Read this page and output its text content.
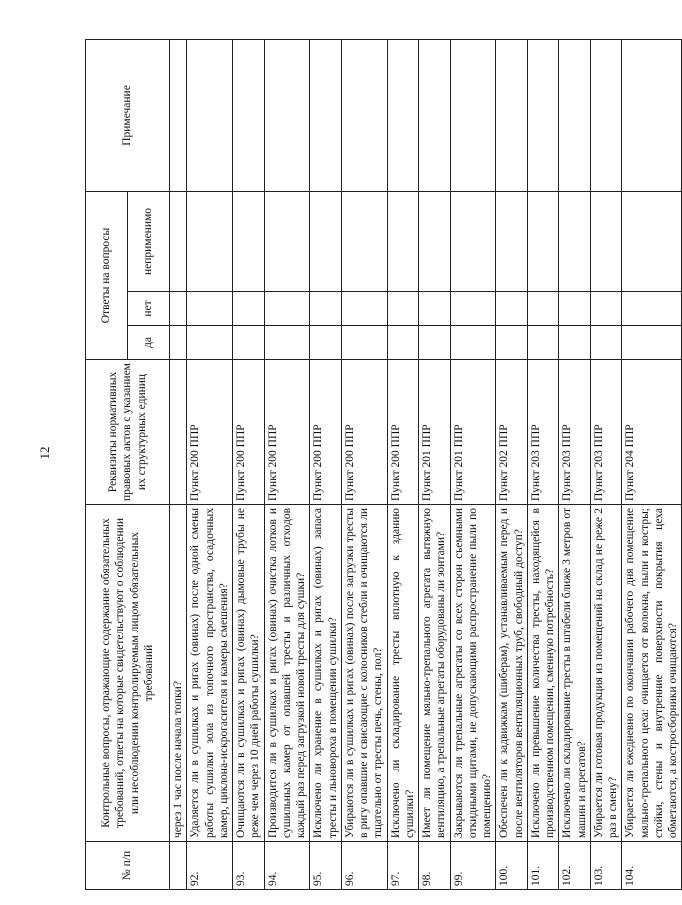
12
№ п/п	Контрольные вопросы, отражающие содержание обязательных требований, ответы на которые свидетельствуют о соблюдении или несоблюдении контролируемым лицом обязательных требований	Реквизиты нормативных правовых актов с указанием их структурных единиц	Ответы на вопросы			Примечание
			да	нет	неприменимо	
	через 1 час после начала топки?					
92.	Удаляется ли в сушилках и ригах (овинах) после одной смены работы сушилки зола из топочного пространства, осадочных камер, циклона-искрогасителя и камеры смешения?	Пункт 200 ППР				
93.	Очищаются ли в сушилках и ригах (овинах) дымовые трубы не реже чем через 10 дней работы сушилки?	Пункт 200 ППР				
94.	Производится ли в сушилках и ригах (овинах) очистка лотков и сушильных камер от опавшей тресты и различных отходов каждый раз перед загрузкой новой тресты для сушки?	Пункт 200 ППР				
95.	Исключено ли хранение в сушилках и ригах (овинах) запаса тресты и льновороха в помещении сушилки?	Пункт 200 ППР				
96.	Убираются ли в сушилках и ригах (овинах) после загрузки тресты в ригу опавшие и свисающие с колосников стебли и очищаются ли тщательно от тресты печь, стены, пол?	Пункт 200 ППР				
97.	Исключено ли складирование тресты вплотную к зданию сушилки?	Пункт 200 ППР				
98.	Имеет ли помещение мяльно-трепального агрегата вытяжную вентиляцию, а трепальные агрегаты оборудованы ли зонтами?	Пункт 201 ППР				
99.	Закрываются ли трепальные агрегаты со всех сторон съемными откидными щитами, не допускающими распространение пыли по помещению?	Пункт 201 ППР				
100.	Обеспечен ли к задвижкам (шиберам), устанавливаемым перед и после вентиляторов вентиляционных труб, свободный доступ?	Пункт 202 ППР				
101.	Исключено ли превышение количества тресты, находящейся в производственном помещении, сменную потребность?	Пункт 203 ППР				
102.	Исключено ли складирование тресты в штабели ближе 3 метров от машин и агрегатов?	Пункт 203 ППР				
103.	Убирается ли готовая продукция из помещений на склад не реже 2 раз в смену?	Пункт 203 ППР				
104.	Убирается ли ежедневно по окончании рабочего дня помещение мяльно-трепального цеха: очищается от волокна, пыли и костры; стойки, стены и внутренние поверхности покрытия цеха обметаются, а костросборники очищаются?	Пункт 204 ППР				
